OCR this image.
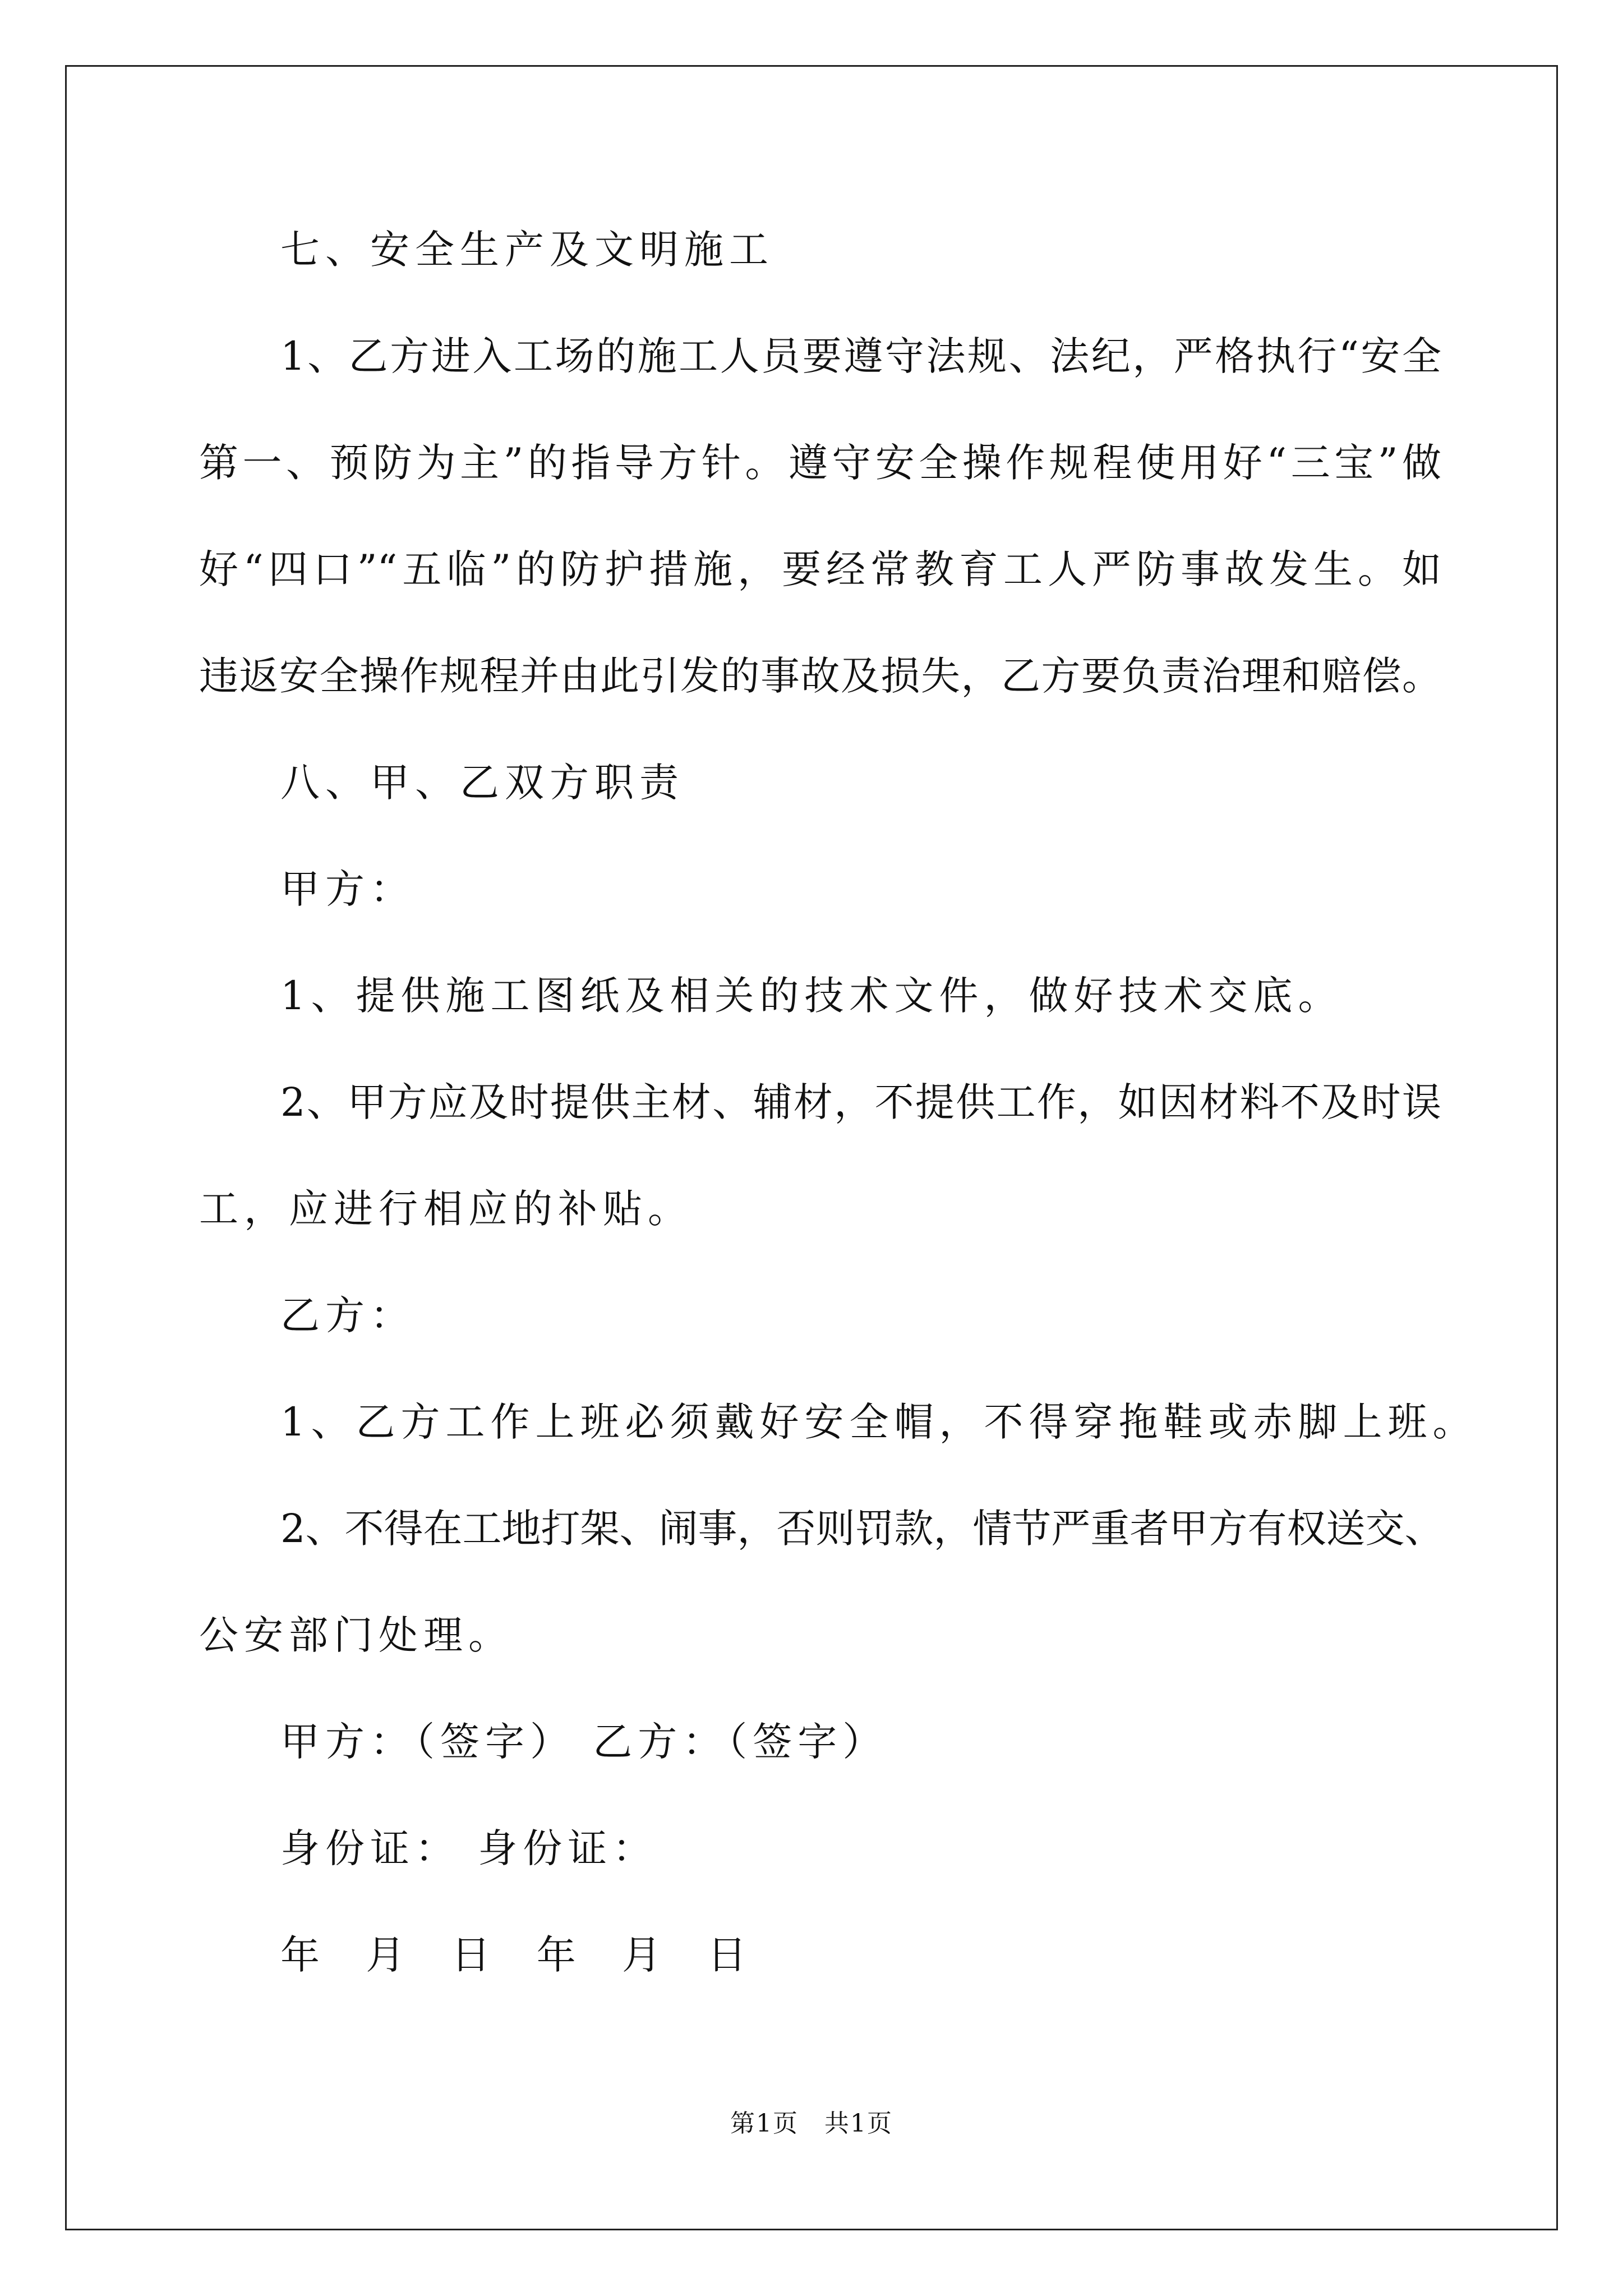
七、安全生产及文明施工
1、乙方进入工场的施工人员要遵守法规、法纪，严格执行“安全
第一、预防为主”的指导方针。遵守安全操作规程使用好“三宝”做
好“四口”“五临”的防护措施，要经常教育工人严防事故发生。如
违返安全操作规程并由此引发的事故及损失，乙方要负责治理和赔偿。
八、甲、乙双方职责
甲方：
1、提供施工图纸及相关的技术文件，做好技术交底。
2、甲方应及时提供主材、辅材，不提供工作，如因材料不及时误
工，应进行相应的补贴。
乙方：
1、乙方工作上班必须戴好安全帽，不得穿拖鞋或赤脚上班。
2、不得在工地打架、闹事，否则罚款，情节严重者甲方有权送交、
公安部门处理。
甲方：（签字） 乙方：（签字）
身份证： 身份证：
年 月 日 年 月 日
第1页　共1页
